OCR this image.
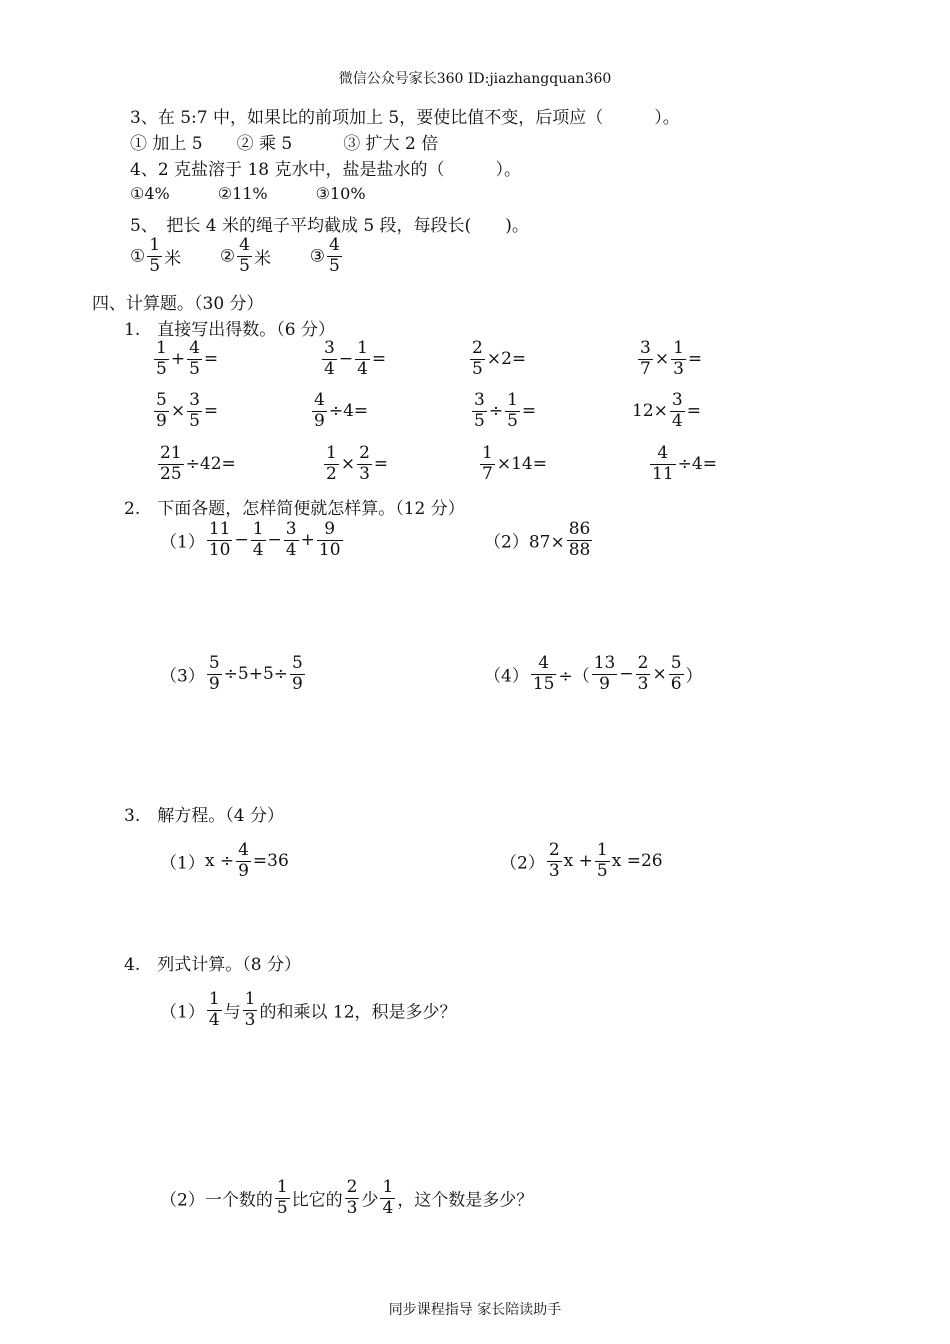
微信公众号家长360 ID:jiazhangquan360
3、在 5:7 中，如果比的前项加上 5，要使比值不变，后项应（　　　）。
① 加上 5　　② 乘 5　　　③ 扩大 2 倍
4、2 克盐溶于 18 克水中，盐是盐水的（　　　）。
①4%　　　②11%　　　③10%
5、　把长 4 米的绳子平均截成 5 段，每段长(　　)。
① $\frac{1}{5}$ 米 ② $\frac{4}{5}$ 米 ③ $\frac{4}{5}$
四、计算题。（30 分）
1.　直接写出得数。（6 分）
$\frac{1}{5} + \frac{4}{5}$ =	$\frac{3}{4} - \frac{1}{4}$ =	$\frac{2}{5} \times 2=$	$\frac{3}{7} \times \frac{1}{3}$ =
$\frac{5}{9} \times \frac{3}{5}$ =	$\frac{4}{9} \div 4=$	$\frac{3}{5} \div \frac{1}{5}$ =	$12\times \frac{3}{4}$ =
$\frac{21}{25} \div 42=$	$\frac{1}{2} \times \frac{2}{3}$ =	$\frac{1}{7} \times 14=$	$\frac{4}{11} \div 4=$
2.　下面各题，怎样简便就怎样算。（12 分）
$(1) \frac{11}{10} - \frac{1}{4} - \frac{3}{4} + \frac{9}{10}$	$(2)87\times \frac{86}{88}$
$(3) \frac{5}{9} \div 5+5\div \frac{5}{9}$	$(4) \frac{4}{15}$ ÷（ $\frac{13}{9} - \frac{2}{3} \times \frac{5}{6}$ ）
3.　解方程。（4 分）
$(1)x \div \frac{4}{9} =36$	$(2) \frac{2}{3}$ $x + \frac{1}{5}$ x =26
4.　列式计算。（8 分）
$(1) \frac{1}{4}$ 与 $\frac{1}{3}$ 的和乘以 12，积是多少？
（2）一个数的 $\frac{1}{5}$ 比它的 $\frac{2}{3}$ 少 $\frac{1}{4}$ ，这个数是多少？
同步课程指导 家长陪读助手
